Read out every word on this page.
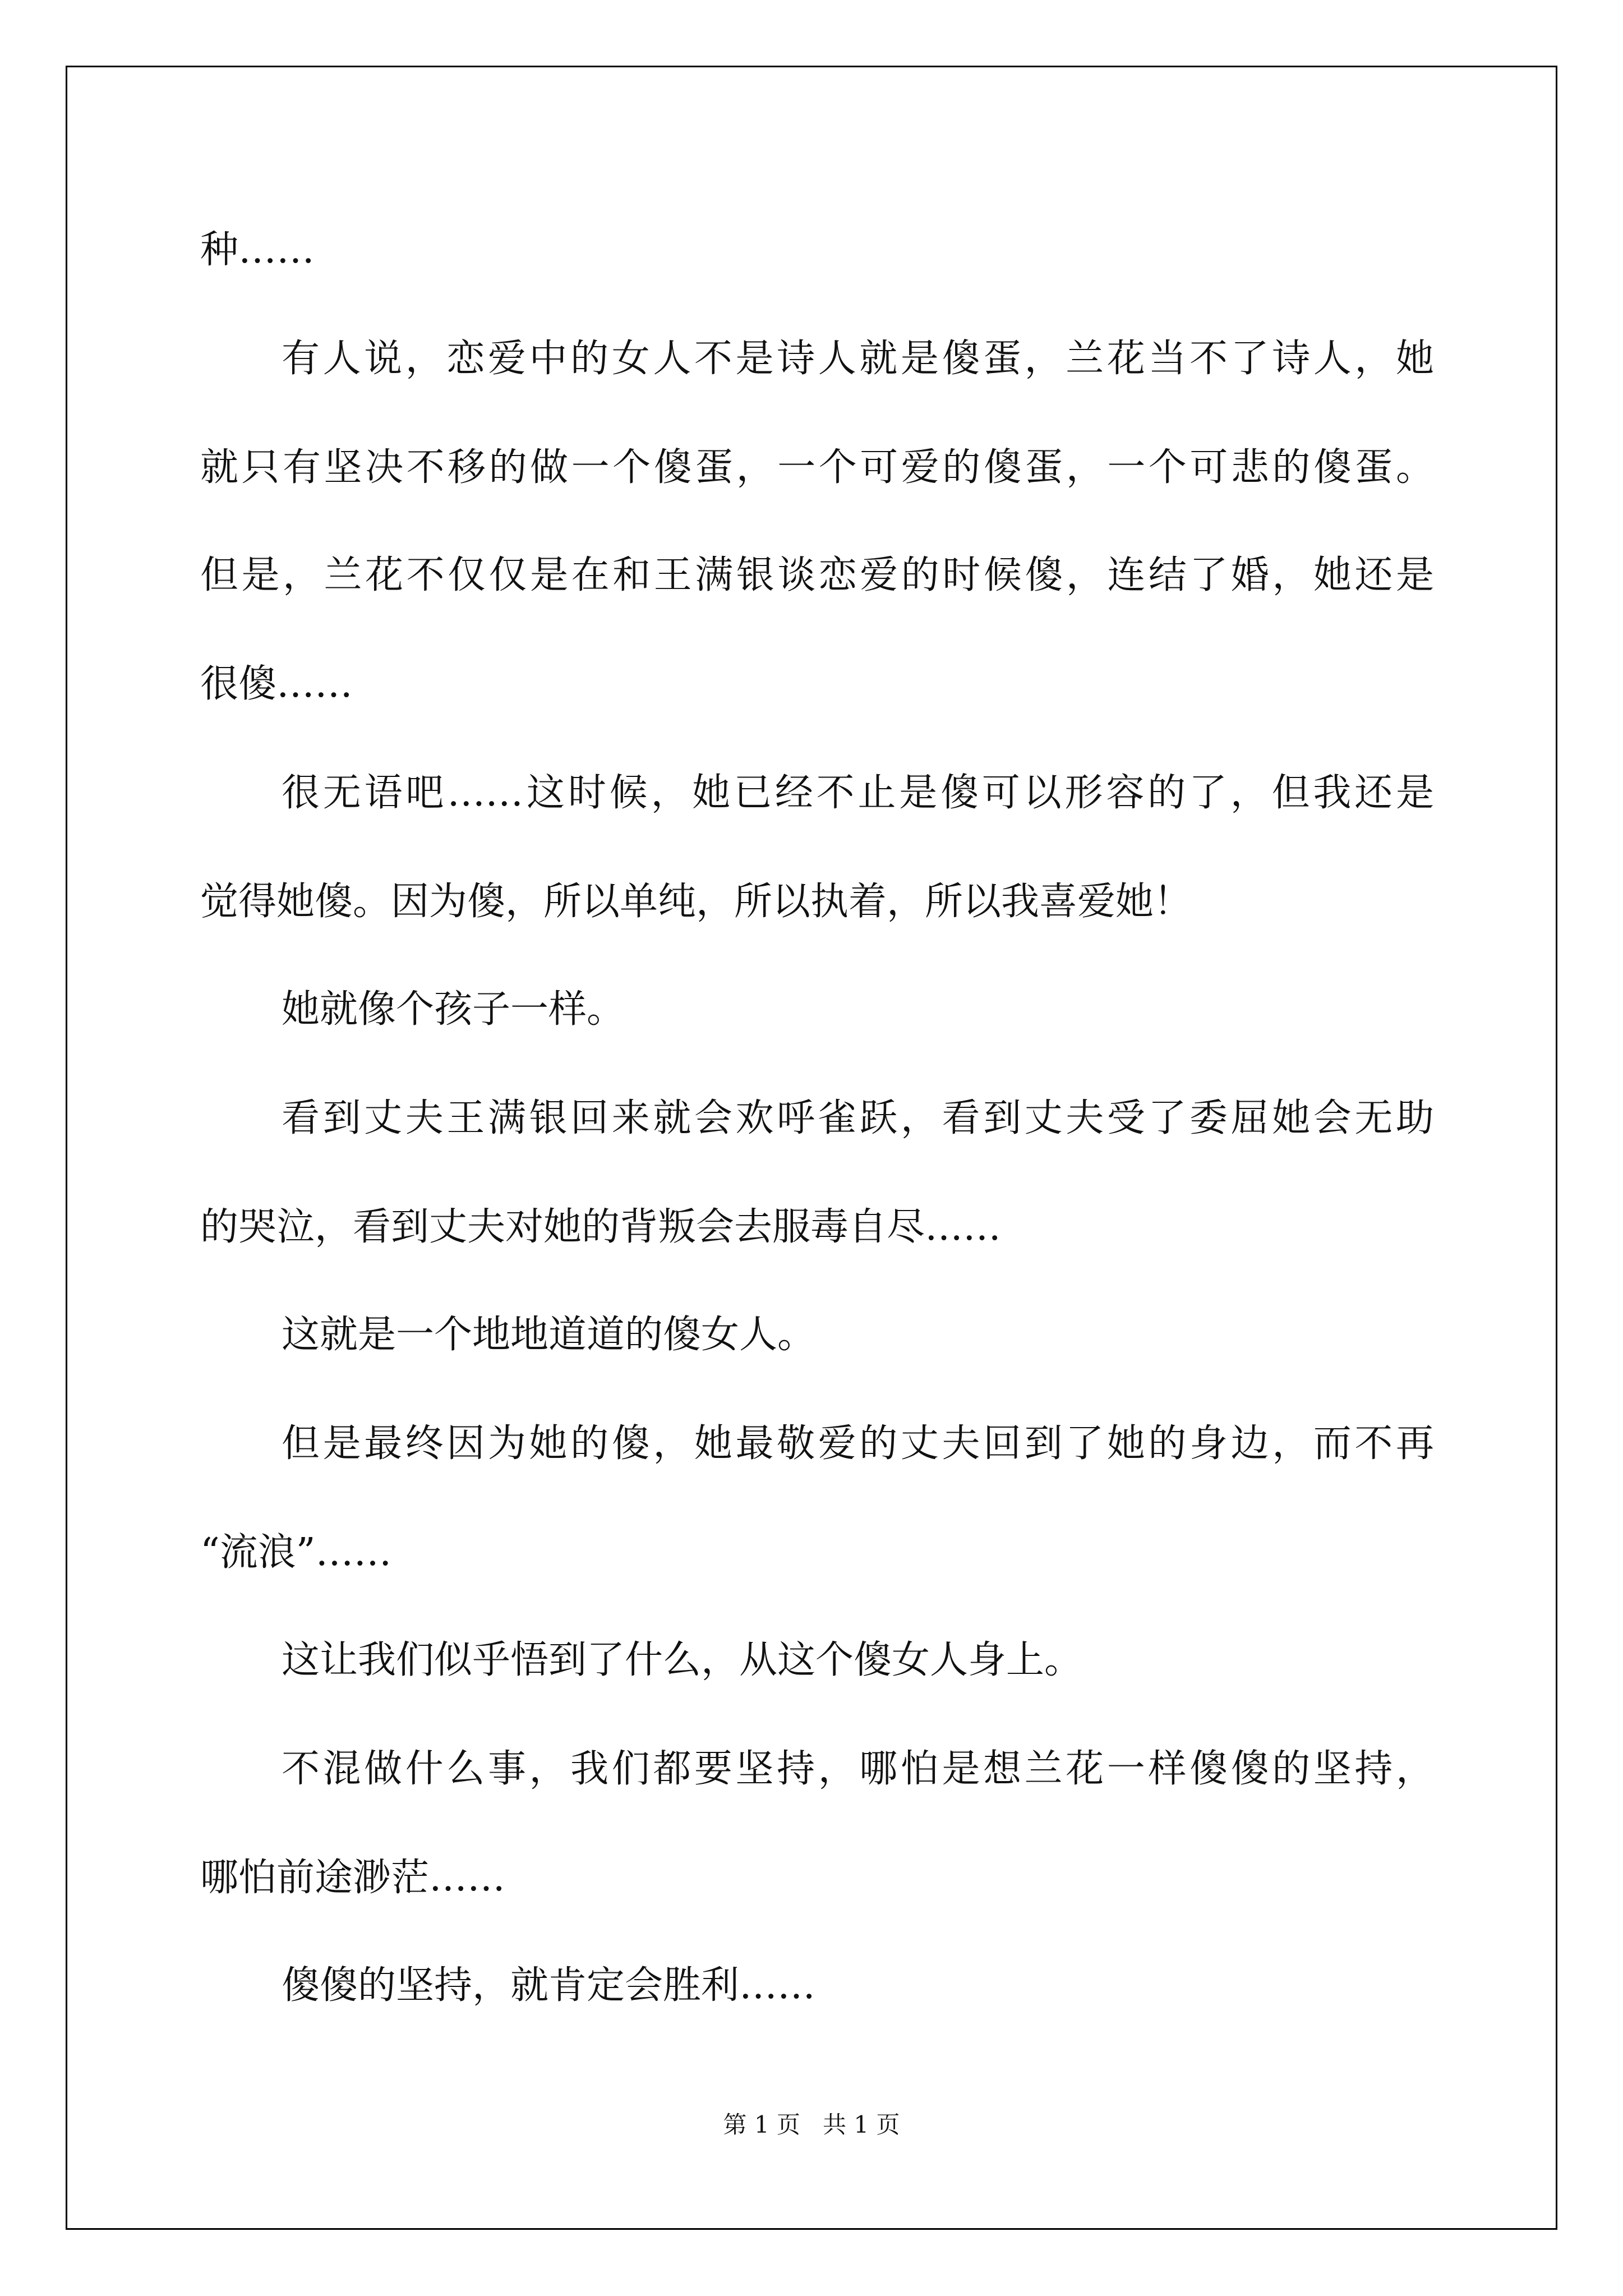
种……
有人说，恋爱中的女人不是诗人就是傻蛋，兰花当不了诗人，她
就只有坚决不移的做一个傻蛋，一个可爱的傻蛋，一个可悲的傻蛋。
但是，兰花不仅仅是在和王满银谈恋爱的时候傻，连结了婚，她还是
很傻……
很无语吧……这时候，她已经不止是傻可以形容的了，但我还是
觉得她傻。因为傻，所以单纯，所以执着，所以我喜爱她！
她就像个孩子一样。
看到丈夫王满银回来就会欢呼雀跃，看到丈夫受了委屈她会无助
的哭泣，看到丈夫对她的背叛会去服毒自尽……
这就是一个地地道道的傻女人。
但是最终因为她的傻，她最敬爱的丈夫回到了她的身边，而不再
“流浪”……
这让我们似乎悟到了什么，从这个傻女人身上。
不混做什么事，我们都要坚持，哪怕是想兰花一样傻傻的坚持，
哪怕前途渺茫……
傻傻的坚持，就肯定会胜利……
第 1 页 共 1 页
